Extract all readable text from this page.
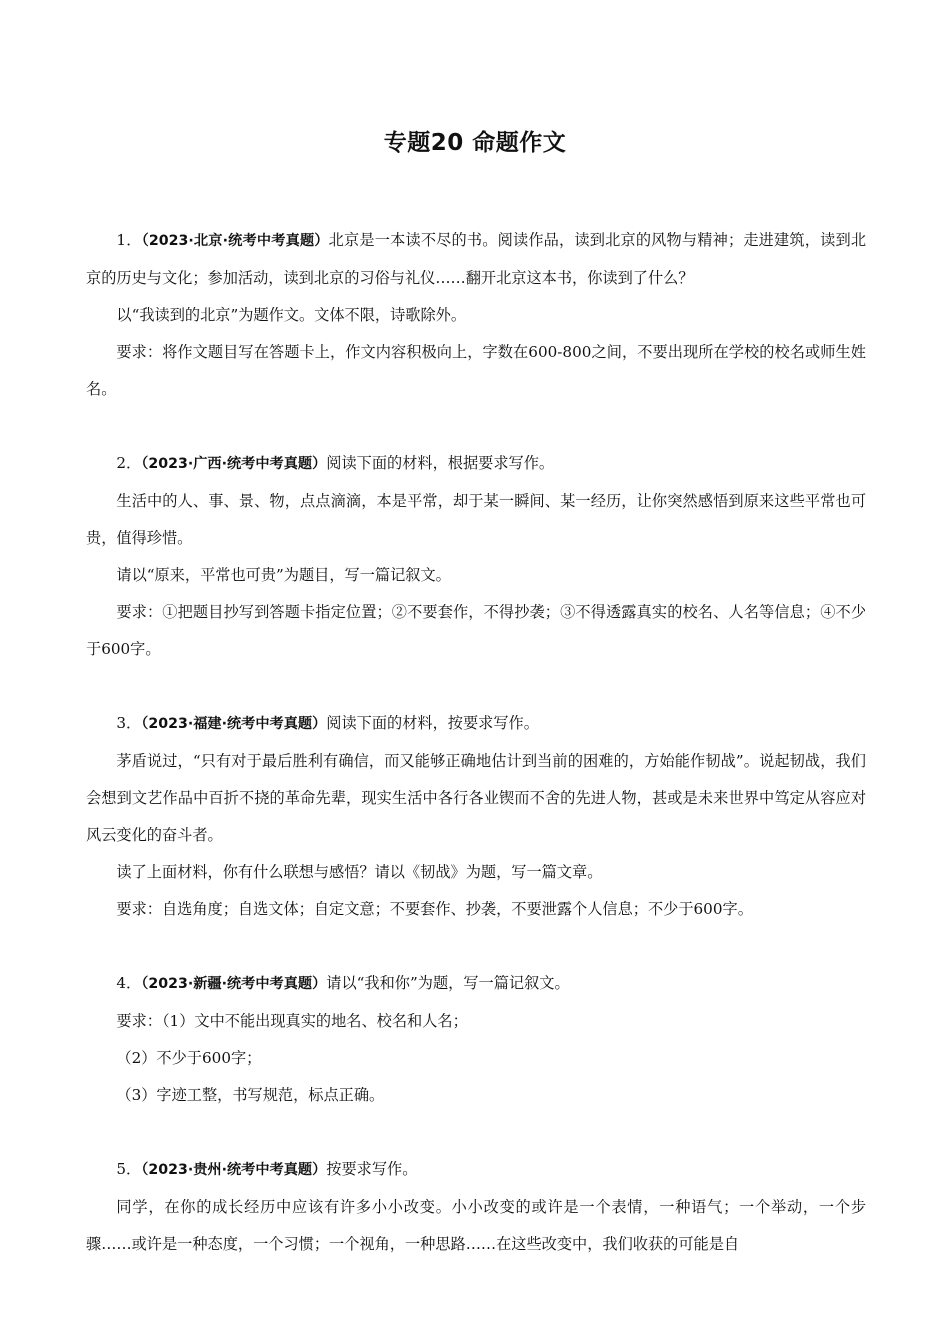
专题20 命题作文

1．（2023·北京·统考中考真题）北京是一本读不尽的书。阅读作品，读到北京的风物与精神；走进建筑，读到北京的历史与文化；参加活动，读到北京的习俗与礼仪……翻开北京这本书，你读到了什么？

以“我读到的北京”为题作文。文体不限，诗歌除外。

要求：将作文题目写在答题卡上，作文内容积极向上，字数在600-800之间，不要出现所在学校的校名或师生姓名。

2．（2023·广西·统考中考真题）阅读下面的材料，根据要求写作。

生活中的人、事、景、物，点点滴滴，本是平常，却于某一瞬间、某一经历，让你突然感悟到原来这些平常也可贵，值得珍惜。

请以“原来，平常也可贵”为题目，写一篇记叙文。

要求：①把题目抄写到答题卡指定位置；②不要套作，不得抄袭；③不得透露真实的校名、人名等信息；④不少于600字。

3．（2023·福建·统考中考真题）阅读下面的材料，按要求写作。

茅盾说过，“只有对于最后胜利有确信，而又能够正确地估计到当前的困难的，方始能作韧战”。说起韧战，我们会想到文艺作品中百折不挠的革命先辈，现实生活中各行各业锲而不舍的先进人物，甚或是未来世界中笃定从容应对风云变化的奋斗者。

读了上面材料，你有什么联想与感悟？请以《韧战》为题，写一篇文章。

要求：自选角度；自选文体；自定文意；不要套作、抄袭，不要泄露个人信息；不少于600字。

4．（2023·新疆·统考中考真题）请以“我和你”为题，写一篇记叙文。

要求：（1）文中不能出现真实的地名、校名和人名；

（2）不少于600字；

（3）字迹工整，书写规范，标点正确。

5．（2023·贵州·统考中考真题）按要求写作。

同学，在你的成长经历中应该有许多小小改变。小小改变的或许是一个表情，一种语气；一个举动，一个步骤……或许是一种态度，一个习惯；一个视角，一种思路……在这些改变中，我们收获的可能是自
